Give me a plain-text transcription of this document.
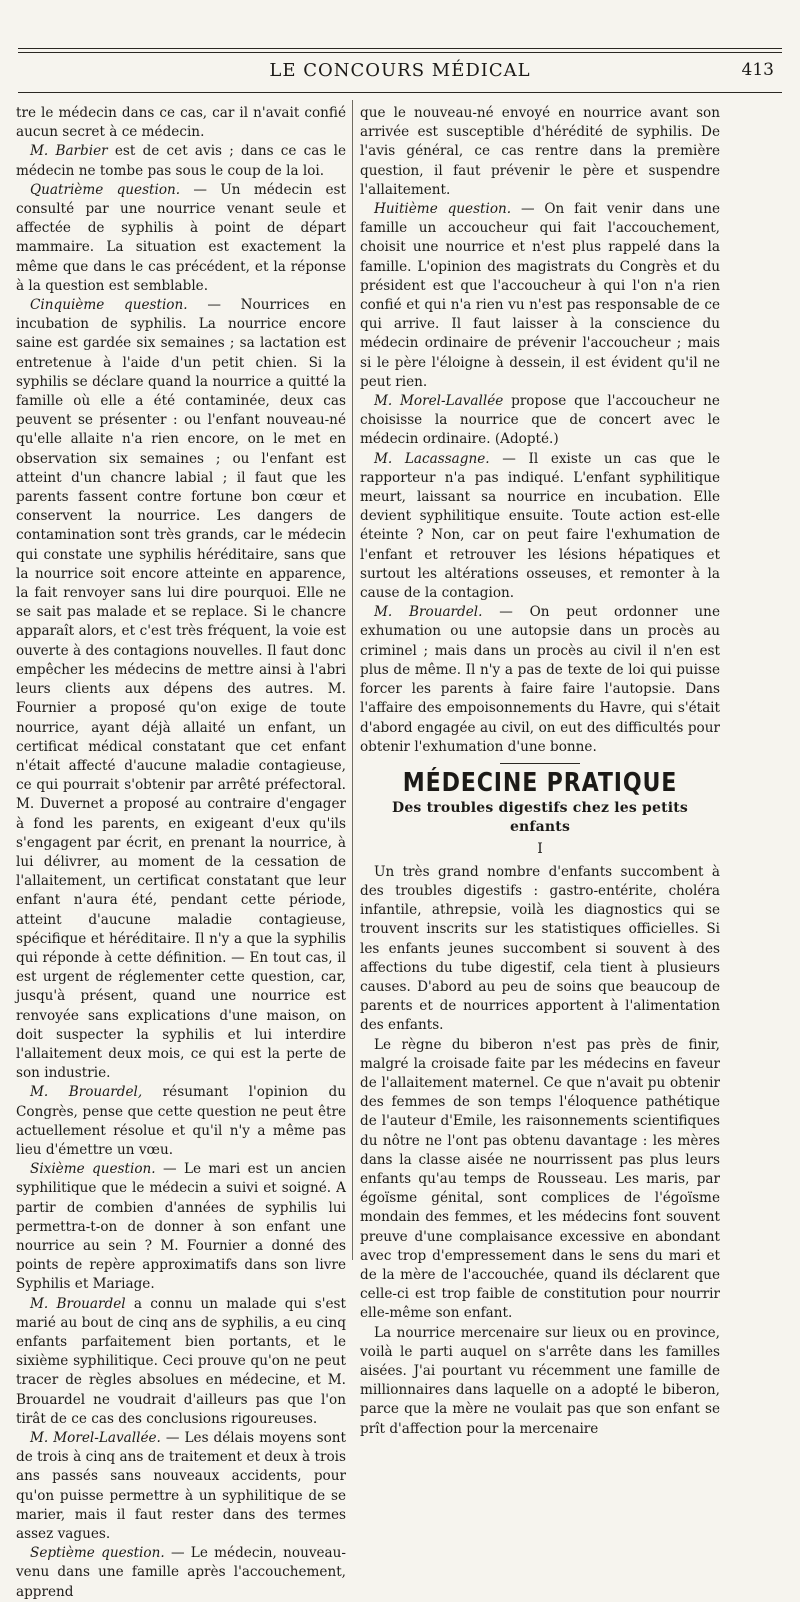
LE CONCOURS MÉDICAL	413

tre le médecin dans ce cas, car il n'avait confié aucun secret à ce médecin.

M. Barbier est de cet avis ; dans ce cas le médecin ne tombe pas sous le coup de la loi.

Quatrième question. — Un médecin est consulté par une nourrice venant seule et affectée de syphilis à point de départ mammaire. La situation est exactement la même que dans le cas précédent, et la réponse à la question est semblable.

Cinquième question. — Nourrices en incubation de syphilis. La nourrice encore saine est gardée six semaines ; sa lactation est entretenue à l'aide d'un petit chien. Si la syphilis se déclare quand la nourrice a quitté la famille où elle a été contaminée, deux cas peuvent se présenter : ou l'enfant nouveau-né qu'elle allaite n'a rien encore, on le met en observation six semaines ; ou l'enfant est atteint d'un chancre labial ; il faut que les parents fassent contre fortune bon cœur et conservent la nourrice. Les dangers de contamination sont très grands, car le médecin qui constate une syphilis héréditaire, sans que la nourrice soit encore atteinte en apparence, la fait renvoyer sans lui dire pourquoi. Elle ne se sait pas malade et se replace. Si le chancre apparaît alors, et c'est très fréquent, la voie est ouverte à des contagions nouvelles. Il faut donc empêcher les médecins de mettre ainsi à l'abri leurs clients aux dépens des autres. M. Fournier a proposé qu'on exige de toute nourrice, ayant déjà allaité un enfant, un certificat médical constatant que cet enfant n'était affecté d'aucune maladie contagieuse, ce qui pourrait s'obtenir par arrêté préfectoral. M. Duvernet a proposé au contraire d'engager à fond les parents, en exigeant d'eux qu'ils s'engagent par écrit, en prenant la nourrice, à lui délivrer, au moment de la cessation de l'allaitement, un certificat constatant que leur enfant n'aura été, pendant cette période, atteint d'aucune maladie contagieuse, spécifique et héréditaire. Il n'y a que la syphilis qui réponde à cette définition. — En tout cas, il est urgent de réglementer cette question, car, jusqu'à présent, quand une nourrice est renvoyée sans explications d'une maison, on doit suspecter la syphilis et lui interdire l'allaitement deux mois, ce qui est la perte de son industrie.

M. Brouardel, résumant l'opinion du Congrès, pense que cette question ne peut être actuellement résolue et qu'il n'y a même pas lieu d'émettre un vœu.

Sixième question. — Le mari est un ancien syphilitique que le médecin a suivi et soigné. A partir de combien d'années de syphilis lui permettra-t-on de donner à son enfant une nourrice au sein ? M. Fournier a donné des points de repère approximatifs dans son livre Syphilis et Mariage.

M. Brouardel a connu un malade qui s'est marié au bout de cinq ans de syphilis, a eu cinq enfants parfaitement bien portants, et le sixième syphilitique. Ceci prouve qu'on ne peut tracer de règles absolues en médecine, et M. Brouardel ne voudrait d'ailleurs pas que l'on tirât de ce cas des conclusions rigoureuses.

M. Morel-Lavallée. — Les délais moyens sont de trois à cinq ans de traitement et deux à trois ans passés sans nouveaux accidents, pour qu'on puisse permettre à un syphilitique de se marier, mais il faut rester dans des termes assez vagues.

Septième question. — Le médecin, nouveau-venu dans une famille après l'accouchement, apprend

que le nouveau-né envoyé en nourrice avant son arrivée est susceptible d'hérédité de syphilis. De l'avis général, ce cas rentre dans la première question, il faut prévenir le père et suspendre l'allaitement.

Huitième question. — On fait venir dans une famille un accoucheur qui fait l'accouchement, choisit une nourrice et n'est plus rappelé dans la famille. L'opinion des magistrats du Congrès et du président est que l'accoucheur à qui l'on n'a rien confié et qui n'a rien vu n'est pas responsable de ce qui arrive. Il faut laisser à la conscience du médecin ordinaire de prévenir l'accoucheur ; mais si le père l'éloigne à dessein, il est évident qu'il ne peut rien.

M. Morel-Lavallée propose que l'accoucheur ne choisisse la nourrice que de concert avec le médecin ordinaire. (Adopté.)

M. Lacassagne. — Il existe un cas que le rapporteur n'a pas indiqué. L'enfant syphilitique meurt, laissant sa nourrice en incubation. Elle devient syphilitique ensuite. Toute action est-elle éteinte ? Non, car on peut faire l'exhumation de l'enfant et retrouver les lésions hépatiques et surtout les altérations osseuses, et remonter à la cause de la contagion.

M. Brouardel. — On peut ordonner une exhumation ou une autopsie dans un procès au criminel ; mais dans un procès au civil il n'en est plus de même. Il n'y a pas de texte de loi qui puisse forcer les parents à faire faire l'autopsie. Dans l'affaire des empoisonnements du Havre, qui s'était d'abord engagée au civil, on eut des difficultés pour obtenir l'exhumation d'une bonne.

MÉDECINE PRATIQUE
Des troubles digestifs chez les petits enfants
I

Un très grand nombre d'enfants succombent à des troubles digestifs : gastro-entérite, choléra infantile, athrepsie, voilà les diagnostics qui se trouvent inscrits sur les statistiques officielles. Si les enfants jeunes succombent si souvent à des affections du tube digestif, cela tient à plusieurs causes. D'abord au peu de soins que beaucoup de parents et de nourrices apportent à l'alimentation des enfants.

Le règne du biberon n'est pas près de finir, malgré la croisade faite par les médecins en faveur de l'allaitement maternel. Ce que n'avait pu obtenir des femmes de son temps l'éloquence pathétique de l'auteur d'Emile, les raisonnements scientifiques du nôtre ne l'ont pas obtenu davantage : les mères dans la classe aisée ne nourrissent pas plus leurs enfants qu'au temps de Rousseau. Les maris, par égoïsme génital, sont complices de l'égoïsme mondain des femmes, et les médecins font souvent preuve d'une complaisance excessive en abondant avec trop d'empressement dans le sens du mari et de la mère de l'accouchée, quand ils déclarent que celle-ci est trop faible de constitution pour nourrir elle-même son enfant.

La nourrice mercenaire sur lieux ou en province, voilà le parti auquel on s'arrête dans les familles aisées. J'ai pourtant vu récemment une famille de millionnaires dans laquelle on a adopté le biberon, parce que la mère ne voulait pas que son enfant se prît d'affection pour la mercenaire
